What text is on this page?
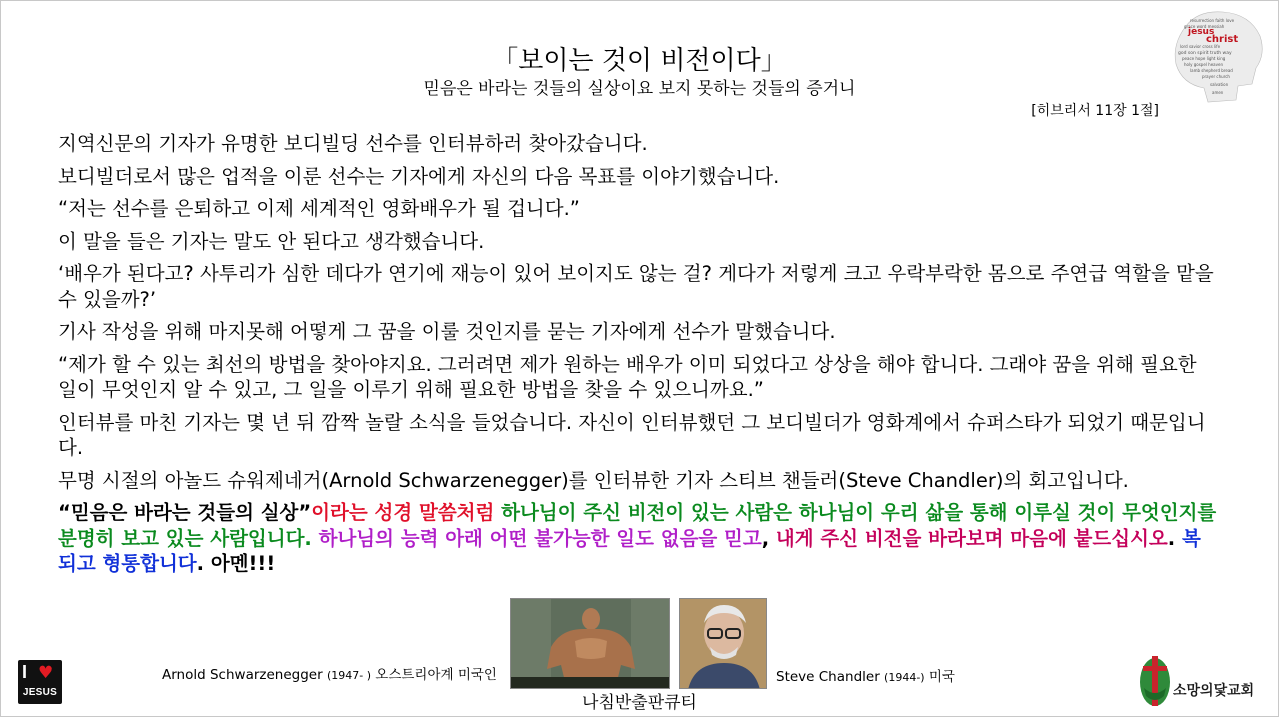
「보이는 것이 비전이다」
믿음은 바라는 것들의 실상이요 보지 못하는 것들의 증거니
[히브리서 11장 1절]
resurrection faith love
grace word messiah
jesus
christ
lord savior cross life
god son spirit truth way
peace hope light king
holy gospel heaven
lamb shepherd bread
prayer church
salvation
amen

지역신문의 기자가 유명한 보디빌딩 선수를 인터뷰하러 찾아갔습니다.

보디빌더로서 많은 업적을 이룬 선수는 기자에게 자신의 다음 목표를 이야기했습니다.

“저는 선수를 은퇴하고 이제 세계적인 영화배우가 될 겁니다.”

이 말을 들은 기자는 말도 안 된다고 생각했습니다.

‘배우가 된다고? 사투리가 심한 데다가 연기에 재능이 있어 보이지도 않는 걸? 게다가 저렇게 크고 우락부락한 몸으로 주연급 역할을 맡을 수 있을까?’

기사 작성을 위해 마지못해 어떻게 그 꿈을 이룰 것인지를 묻는 기자에게 선수가 말했습니다.

“제가 할 수 있는 최선의 방법을 찾아야지요. 그러려면 제가 원하는 배우가 이미 되었다고 상상을 해야 합니다. 그래야 꿈을 위해 필요한 일이 무엇인지 알 수 있고, 그 일을 이루기 위해 필요한 방법을 찾을 수 있으니까요.”

인터뷰를 마친 기자는 몇 년 뒤 깜짝 놀랄 소식을 들었습니다. 자신이 인터뷰했던 그 보디빌더가 영화계에서 슈퍼스타가 되었기 때문입니다.

무명 시절의 아놀드 슈워제네거(Arnold Schwarzenegger)를 인터뷰한 기자 스티브 챈들러(Steve Chandler)의 회고입니다.

“믿음은 바라는 것들의 실상”이라는 성경 말씀처럼 하나님이 주신 비전이 있는 사람은 하나님이 우리 삶을 통해 이루실 것이 무엇인지를 분명히 보고 있는 사람입니다. 하나님의 능력 아래 어떤 불가능한 일도 없음을 믿고, 내게 주신 비전을 바라보며 마음에 붙드십시오. 복되고 형통합니다. 아멘!!!

Arnold Schwarzenegger (1947- ) 오스트리아계 미국인	Steve Chandler (1944-) 미국
나침반출판큐티
I ♥
JESUS	소망의닻교회
